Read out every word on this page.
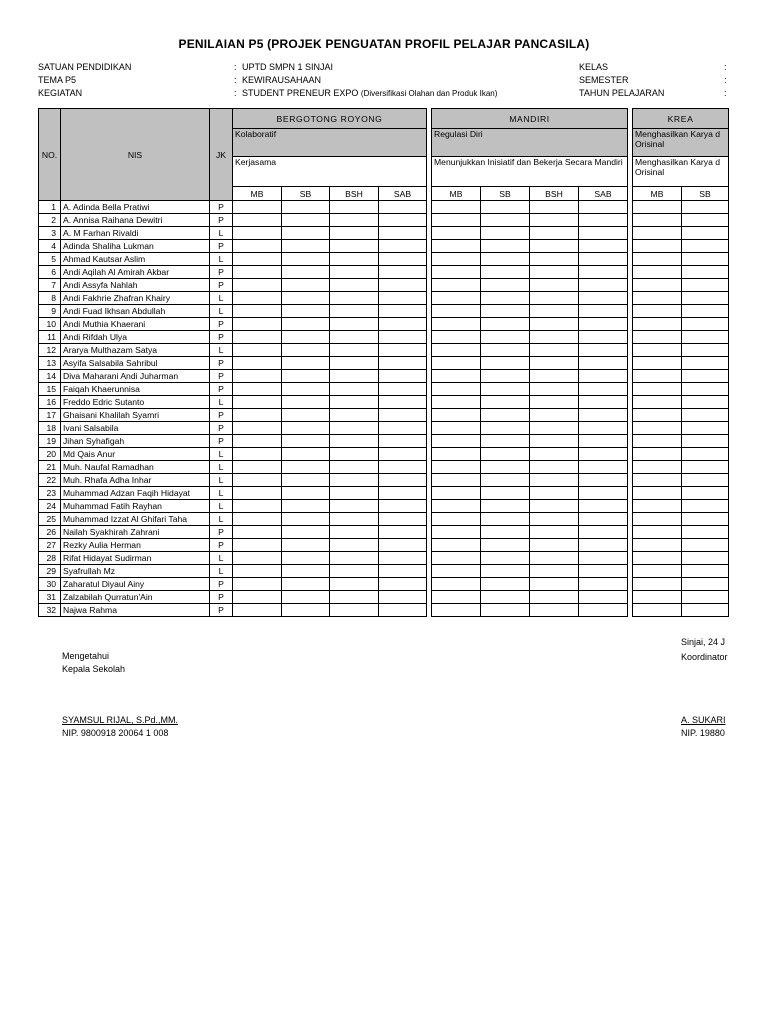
PENILAIAN P5 (PROJEK PENGUATAN PROFIL PELAJAR PANCASILA)
SATUAN PENDIDIKAN	: UPTD SMPN 1 SINJAI
TEMA P5	: KEWIRAUSAHAAN
KEGIATAN	: STUDENT PRENEUR EXPO (Diversifikasi Olahan dan Produk Ikan)
KELAS	:
SEMESTER	:
TAHUN PELAJARAN	:
NO.	NIS	JK	BERGOTONG ROYONG					MANDIRI					KREA	
			Kolaboratif					Regulasi Diri					Menghasilkan Karya d Orisinal	
			Kerjasama					Menunjukkan Inisiatif dan Bekerja Secara Mandiri					Menghasilkan Karya d Orisinal	
			MB	SB	BSH	SAB		MB	SB	BSH	SAB		MB	SB
1	A. Adinda Bella Pratiwi	P												
2	A. Annisa Raihana Dewitri	P												
3	A. M Farhan Rivaldi	L												
4	Adinda Shaliha Lukman	P												
5	Ahmad Kautsar Aslim	L												
6	Andi Aqilah Al Amirah Akbar	P												
7	Andi Assyfa Nahlah	P												
8	Andi Fakhrie Zhafran Khairy	L												
9	Andi Fuad Ikhsan Abdullah	L												
10	Andi Muthia Khaerani	P												
11	Andi Rifdah Ulya	P												
12	Ararya Multhazam Satya	L												
13	Asyifa Salsabila Sahribul	P												
14	Diva Maharani Andi Juharman	P												
15	Faiqah Khaerunnisa	P												
16	Freddo Edric Sutanto	L												
17	Ghaisani Khalilah Syamri	P												
18	Ivani Salsabila	P												
19	Jihan Syhafigah	P												
20	Md Qais Anur	L												
21	Muh. Naufal Ramadhan	L												
22	Muh. Rhafa Adha Inhar	L												
23	Muhammad Adzan Faqih Hidayat	L												
24	Muhammad Fatih Rayhan	L												
25	Muhammad Izzat Al Ghifari Taha	L												
26	Nailah Syakhirah Zahrani	P												
27	Rezky Aulia Herman	P												
28	Rifat Hidayat Sudirman	L												
29	Syafrullah Mz	L												
30	Zaharatul Diyaul Ainy	P												
31	Zalzabilah Qurratun'Ain	P												
32	Najwa Rahma	P												
Mengetahui
Kepala Sekolah
SYAMSUL RIJAL, S.Pd.,MM.
NIP. 9800918 20064 1 008
Sinjai, 24 J
Koordinator
A. SUKARI
NIP. 19880
